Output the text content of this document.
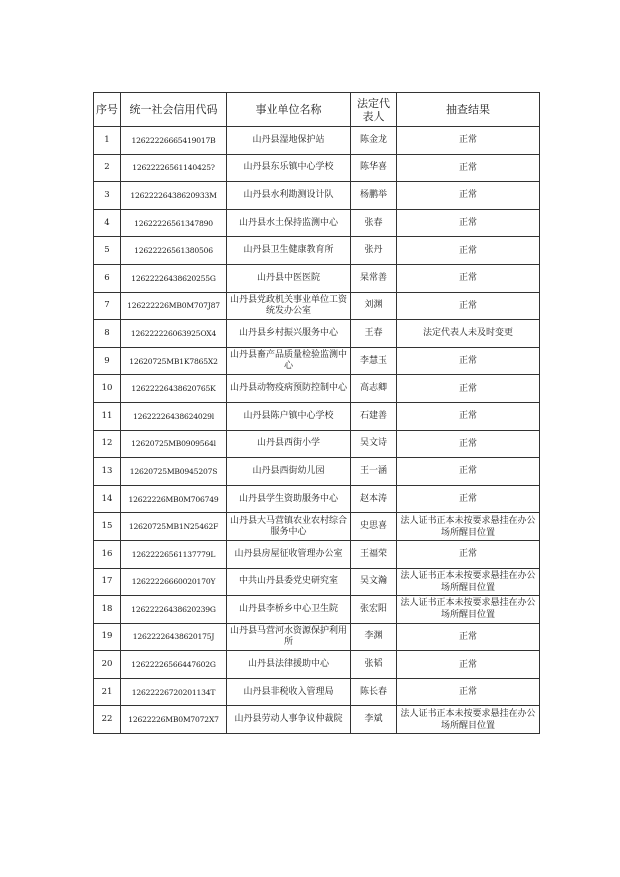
序号	统一社会信用代码	事业单位名称	法定代表人	抽查结果
1	12622226665419017B	山丹县湿地保护站	陈金龙	正常
2	12622226561140425?	山丹县东乐镇中心学校	陈华喜	正常
3	12622226438620933M	山丹县水利勘测设计队	杨鹏举	正常
4	12622226561347890	山丹县水土保持监测中心	张春	正常
5	12622226561380506	山丹县卫生健康教育所	张丹	正常
6	12622226438620255G	山丹县中医医院	杲常善	正常
7	126222226MB0M707J87	山丹县党政机关事业单位工资统发办公室	刘渊	正常
8	126222226063925OX4	山丹县乡村振兴服务中心	王春	法定代表人未及时变更
9	12620725MB1K7865X2	山丹县畜产品质量检验监测中心	李慧玉	正常
10	12622226438620765K	山丹县动物疫病预防控制中心	高志卿	正常
11	12622226438624029l	山丹县陈户镇中心学校	石建善	正常
12	12620725MB0909564l	山丹县西街小学	吴文诗	正常
13	12620725MB0945207S	山丹县西街幼儿园	王一涵	正常
14	12622226MB0M706749	山丹县学生资助服务中心	赵本涛	正常
15	12620725MB1N25462F	山丹县大马营镇农业农村综合服务中心	史思喜	法人证书正本未按要求悬挂在办公场所醒目位置
16	12622226561137779L	山丹县房屋征收管理办公室	王福荣	正常
17	12622226660020170Y	中共山丹县委党史研究室	吴文瀚	法人证书正本未按要求悬挂在办公场所醒目位置
18	12622226438620239G	山丹县李桥乡中心卫生院	张宏阳	法人证书正本未按要求悬挂在办公场所醒目位置
19	12622226438620175J	山丹县马营河水资源保护利用所	李渊	正常
20	12622226566447602G	山丹县法律援助中心	张韬	正常
21	12622226720201134T	山丹县非税收入管理局	陈长春	正常
22	12622226MB0M7072X7	山丹县劳动人事争议仲裁院	李斌	法人证书正本未按要求悬挂在办公场所醒目位置
